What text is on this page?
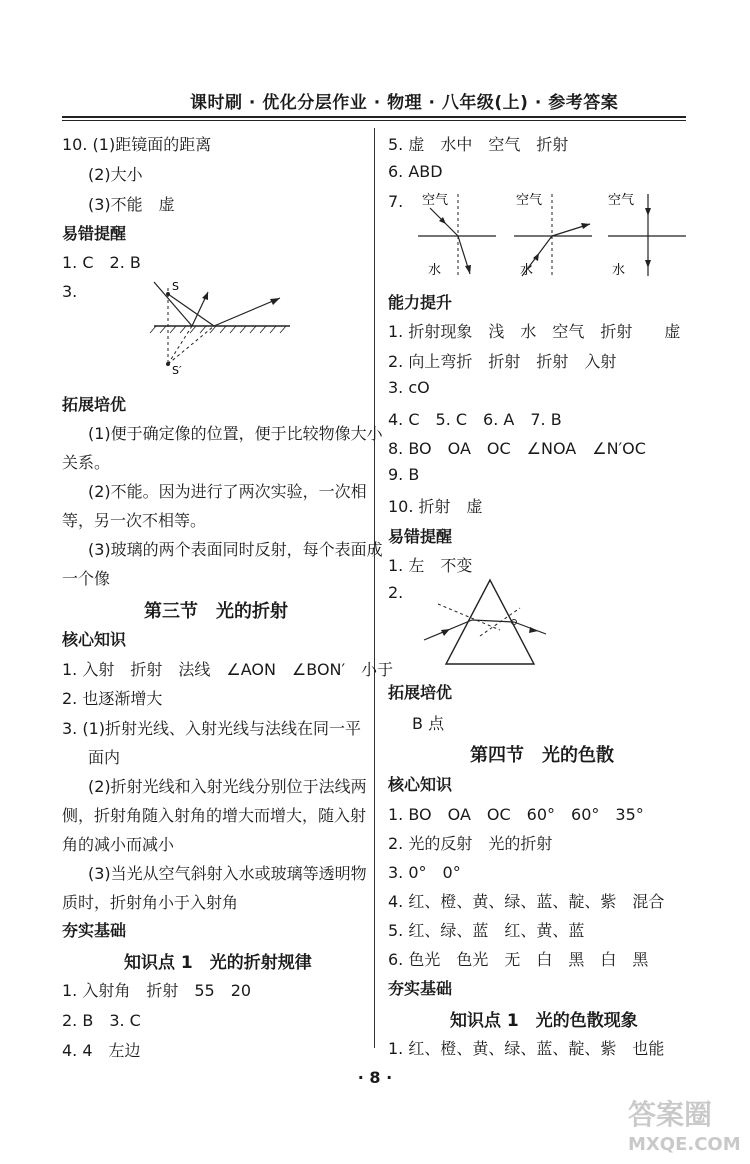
课时刷 · 优化分层作业 · 物理 · 八年级(上) · 参考答案
10. (1)距镜面的距离
(2)大小
(3)不能　虚
易错提醒
1. C　2. B
3.	S
S′
拓展培优
(1)便于确定像的位置，便于比较物像大小
关系。
(2)不能。因为进行了两次实验，一次相
等，另一次不相等。
(3)玻璃的两个表面同时反射，每个表面成
一个像
第三节　光的折射
核心知识
1. 入射　折射　法线　∠AON　∠BON′　小于
2. 也逐渐增大
3. (1)折射光线、入射光线与法线在同一平
面内
(2)折射光线和入射光线分别位于法线两
侧，折射角随入射角的增大而增大，随入射
角的减小而减小
(3)当光从空气斜射入水或玻璃等透明物
质时，折射角小于入射角
夯实基础
知识点 1　光的折射规律
1. 入射角　折射　55　20
2. B　3. C
4. 4　左边
5. 虚　水中　空气　折射
6. ABD
7. 空气
水
空气
水
空气
水
能力提升
1. 折射现象　浅　水　空气　折射　　虚
2. 向上弯折　折射　折射　入射
3. cO
4. C　5. C　6. A　7. B
8. BO　OA　OC　∠NOA　∠N′OC
9. B
10. 折射　虚
易错提醒
1. 左　不变
2.
拓展培优
B 点
第四节　光的色散
核心知识
1. BO　OA　OC　60°　60°　35°
2. 光的反射　光的折射
3. 0°　0°
4. 红、橙、黄、绿、蓝、靛、紫　混合
5. 红、绿、蓝　红、黄、蓝
6. 色光　色光　无　白　黑　白　黑
夯实基础
知识点 1　光的色散现象
1. 红、橙、黄、绿、蓝、靛、紫　也能
· 8 ·
答案圈
MXQE.COM
